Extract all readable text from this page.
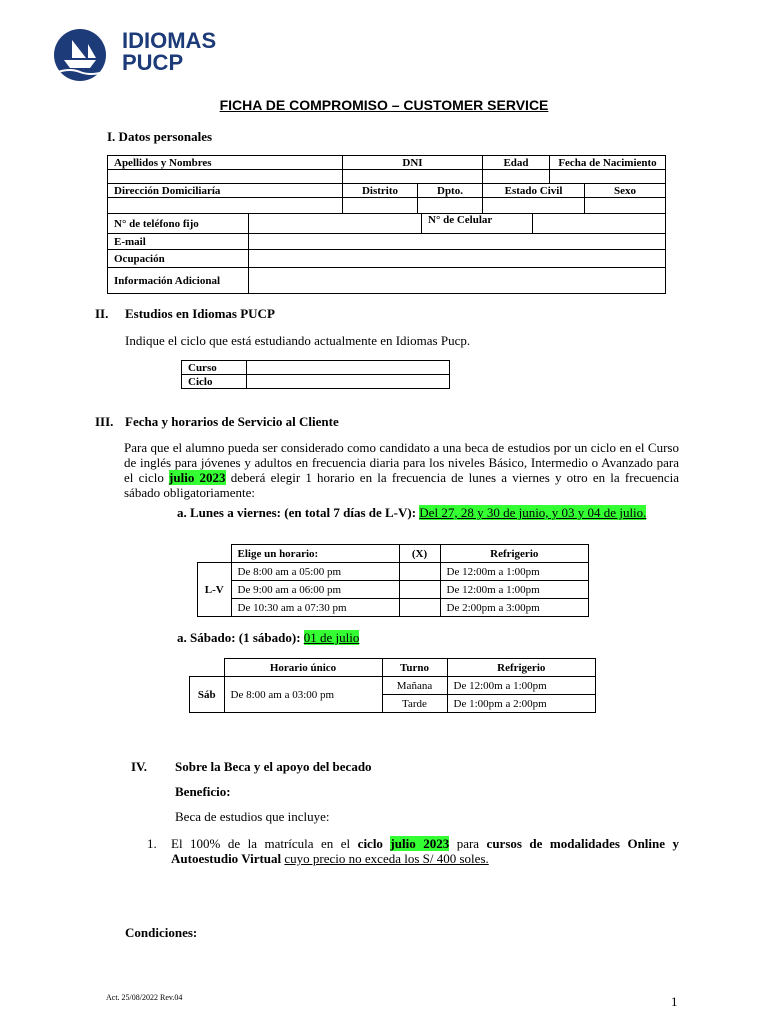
IDIOMAS
PUCP
FICHA DE COMPROMISO – CUSTOMER SERVICE
I. Datos personales
Apellidos y Nombres	DNI		Edad	Fecha de Nacimiento	

Dirección Domiciliaría	Distrito	Dpto.	Estado Civil		Sexo

N° de teléfono fijo		N° de Celular	
E-mail			
Ocupación			
Información Adicional			
II. Estudios en Idiomas PUCP
Indique el ciclo que está estudiando actualmente en Idiomas Pucp.
Curso	
Ciclo	
III. Fecha y horarios de Servicio al Cliente
Para que el alumno pueda ser considerado como candidato a una beca de estudios por un ciclo en el Curso de inglés para jóvenes y adultos en frecuencia diaria para los niveles Básico, Intermedio o Avanzado para el ciclo julio 2023 deberá elegir 1 horario en la frecuencia de lunes a viernes y otro en la frecuencia sábado obligatoriamente:
a. Lunes a viernes: (en total 7 días de L-V): Del 27, 28 y 30 de junio, y 03 y 04 de julio.
	Elige un horario:	(X)	Refrigerio
L-V	De 8:00 am a 05:00 pm		De 12:00m a 1:00pm
	De 9:00 am a 06:00 pm		De 12:00m a 1:00pm
	De 10:30 am a 07:30 pm		De 2:00pm a 3:00pm
a. Sábado: (1 sábado): 01 de julio
	Horario único	Turno	Refrigerio
Sáb	De 8:00 am a 03:00 pm	Mañana	De 12:00m a 1:00pm
		Tarde	De 1:00pm a 2:00pm
IV. Sobre la Beca y el apoyo del becado
Beneficio:
Beca de estudios que incluye:
1. El 100% de la matrícula en el ciclo julio 2023 para cursos de modalidades Online y Autoestudio Virtual cuyo precio no exceda los S/ 400 soles.
Condiciones:
Act. 25/08/2022 Rev.04	1
